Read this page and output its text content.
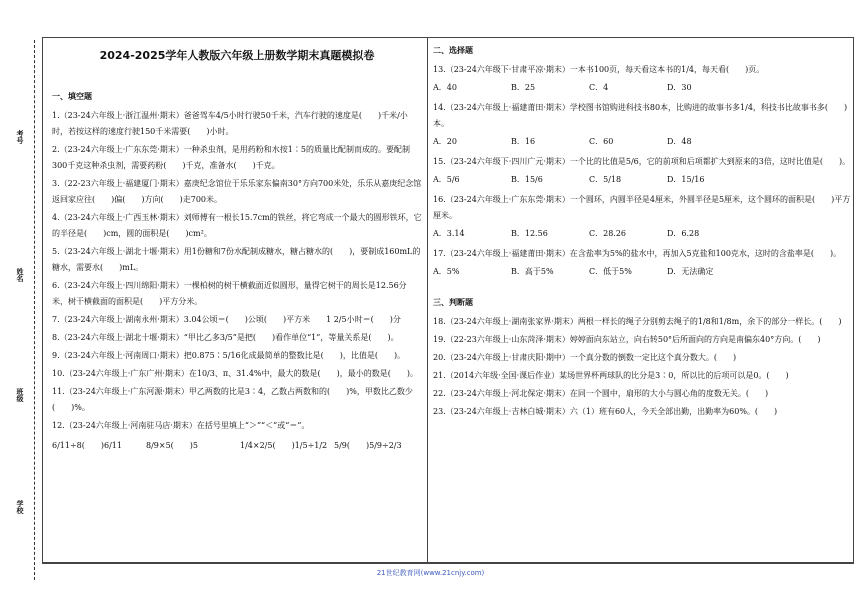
考号
姓名
班级
学校
2024-2025学年人教版六年级上册数学期末真题模拟卷
一、填空题
1.（23-24六年级上·浙江温州·期末）爸爸驾车4/5小时行驶50千米，汽车行驶的速度是(　　)千米/小时，若按这样的速度行驶150千米需要(　　)小时。
2.（23-24六年级上·广东东莞·期末）一种杀虫剂，是用药粉和水按1∶5的质量比配制而成的。要配制300千克这种杀虫剂，需要药粉(　　)千克，准备水(　　)千克。
3.（22-23六年级上·福建厦门·期末）嘉庚纪念馆位于乐乐家东偏南30°方向700米处，乐乐从嘉庚纪念馆返回家应往(　　)偏(　　)方向(　　)走700米。
4.（23-24六年级上·广西玉林·期末）刘师傅有一根长15.7cm的铁丝，将它弯成一个最大的圆形铁环，它的半径是(　　)cm，圆的面积是(　　)cm²。
5.（23-24六年级上·湖北十堰·期末）用1份糖和7份水配制成糖水，糖占糖水的(　　)，要制成160mL的糖水，需要水(　　)mL。
6.（23-24六年级上·四川绵阳·期末）一棵柏树的树干横截面近似圆形，量得它树干的周长是12.56分米，树干横截面的面积是(　　)平方分米。
7.（23-24六年级上·湖南永州·期末）3.04公顷＝(　　)公顷(　　)平方米　　1 2/5小时＝(　　)分
8.（23-24六年级上·湖北十堰·期末）“甲比乙多3/5”是把(　　)看作单位“1”，等量关系是(　　)。
9.（23-24六年级上·河南周口·期末）把0.875∶5/16化成最简单的整数比是(　　)，比值是(　　)。
10.（23-24六年级上·广东广州·期末）在10/3、π、31.4%中，最大的数是(　　)，最小的数是(　　)。
11.（23-24六年级上·广东河源·期末）甲乙两数的比是3∶4，乙数占两数和的(　　)%，甲数比乙数少(　　)%。
12.（23-24六年级上·河南驻马店·期末）在括号里填上“＞”“＜”或“＝”。
6/11÷8(　　)6/11	8/9×5(　　)5	1/4×2/5(　　)1/5÷1/2 5/9(　　)5/9÷2/3
二、选择题
13.（23-24六年级下·甘肃平凉·期末）一本书100页，每天看这本书的1/4，每天看(　　)页。
A．40	B．25	C．4	D．30
14.（23-24六年级上·福建莆田·期末）学校图书馆购进科技书80本，比购进的故事书多1/4，科技书比故事书多(　　)本。
A．20	B．16	C．60	D．48
15.（23-24六年级下·四川广元·期末）一个比的比值是5/6，它的前项和后项都扩大到原来的3倍，这时比值是(　　)。
A．5/6	B．15/6	C．5/18	D．15/16
16.（23-24六年级上·广东东莞·期末）一个圆环，内圆半径是4厘米，外圆半径是5厘米，这个圆环的面积是(　　)平方厘米。
A．3.14	B．12.56	C．28.26	D．6.28
17.（23-24六年级上·福建莆田·期末）在含盐率为5%的盐水中，再加入5克盐和100克水，这时的含盐率是(　　)。
A．5%	B．高于5%	C．低于5%	D．无法确定
三、判断题
18.（23-24六年级上·湖南张家界·期末）两根一样长的绳子分别剪去绳子的1/8和1/8m，余下的部分一样长。(　　)
19.（22-23六年级上·山东菏泽·期末）婷婷面向东站立，向右转50°后所面向的方向是南偏东40°方向。(　　)
20.（23-24六年级上·甘肃庆阳·期中）一个真分数的倒数一定比这个真分数大。(　　)
21.（2014六年级·全国·课后作业）某场世界杯两球队的比分是3∶0，所以比的后项可以是0。(　　)
22.（23-24六年级上·河北保定·期末）在同一个圆中，扇形的大小与圆心角的度数无关。(　　)
23.（23-24六年级上·吉林白城·期末）六（1）班有60人，今天全部出勤，出勤率为60%。(　　)
21世纪教育网(www.21cnjy.com)
